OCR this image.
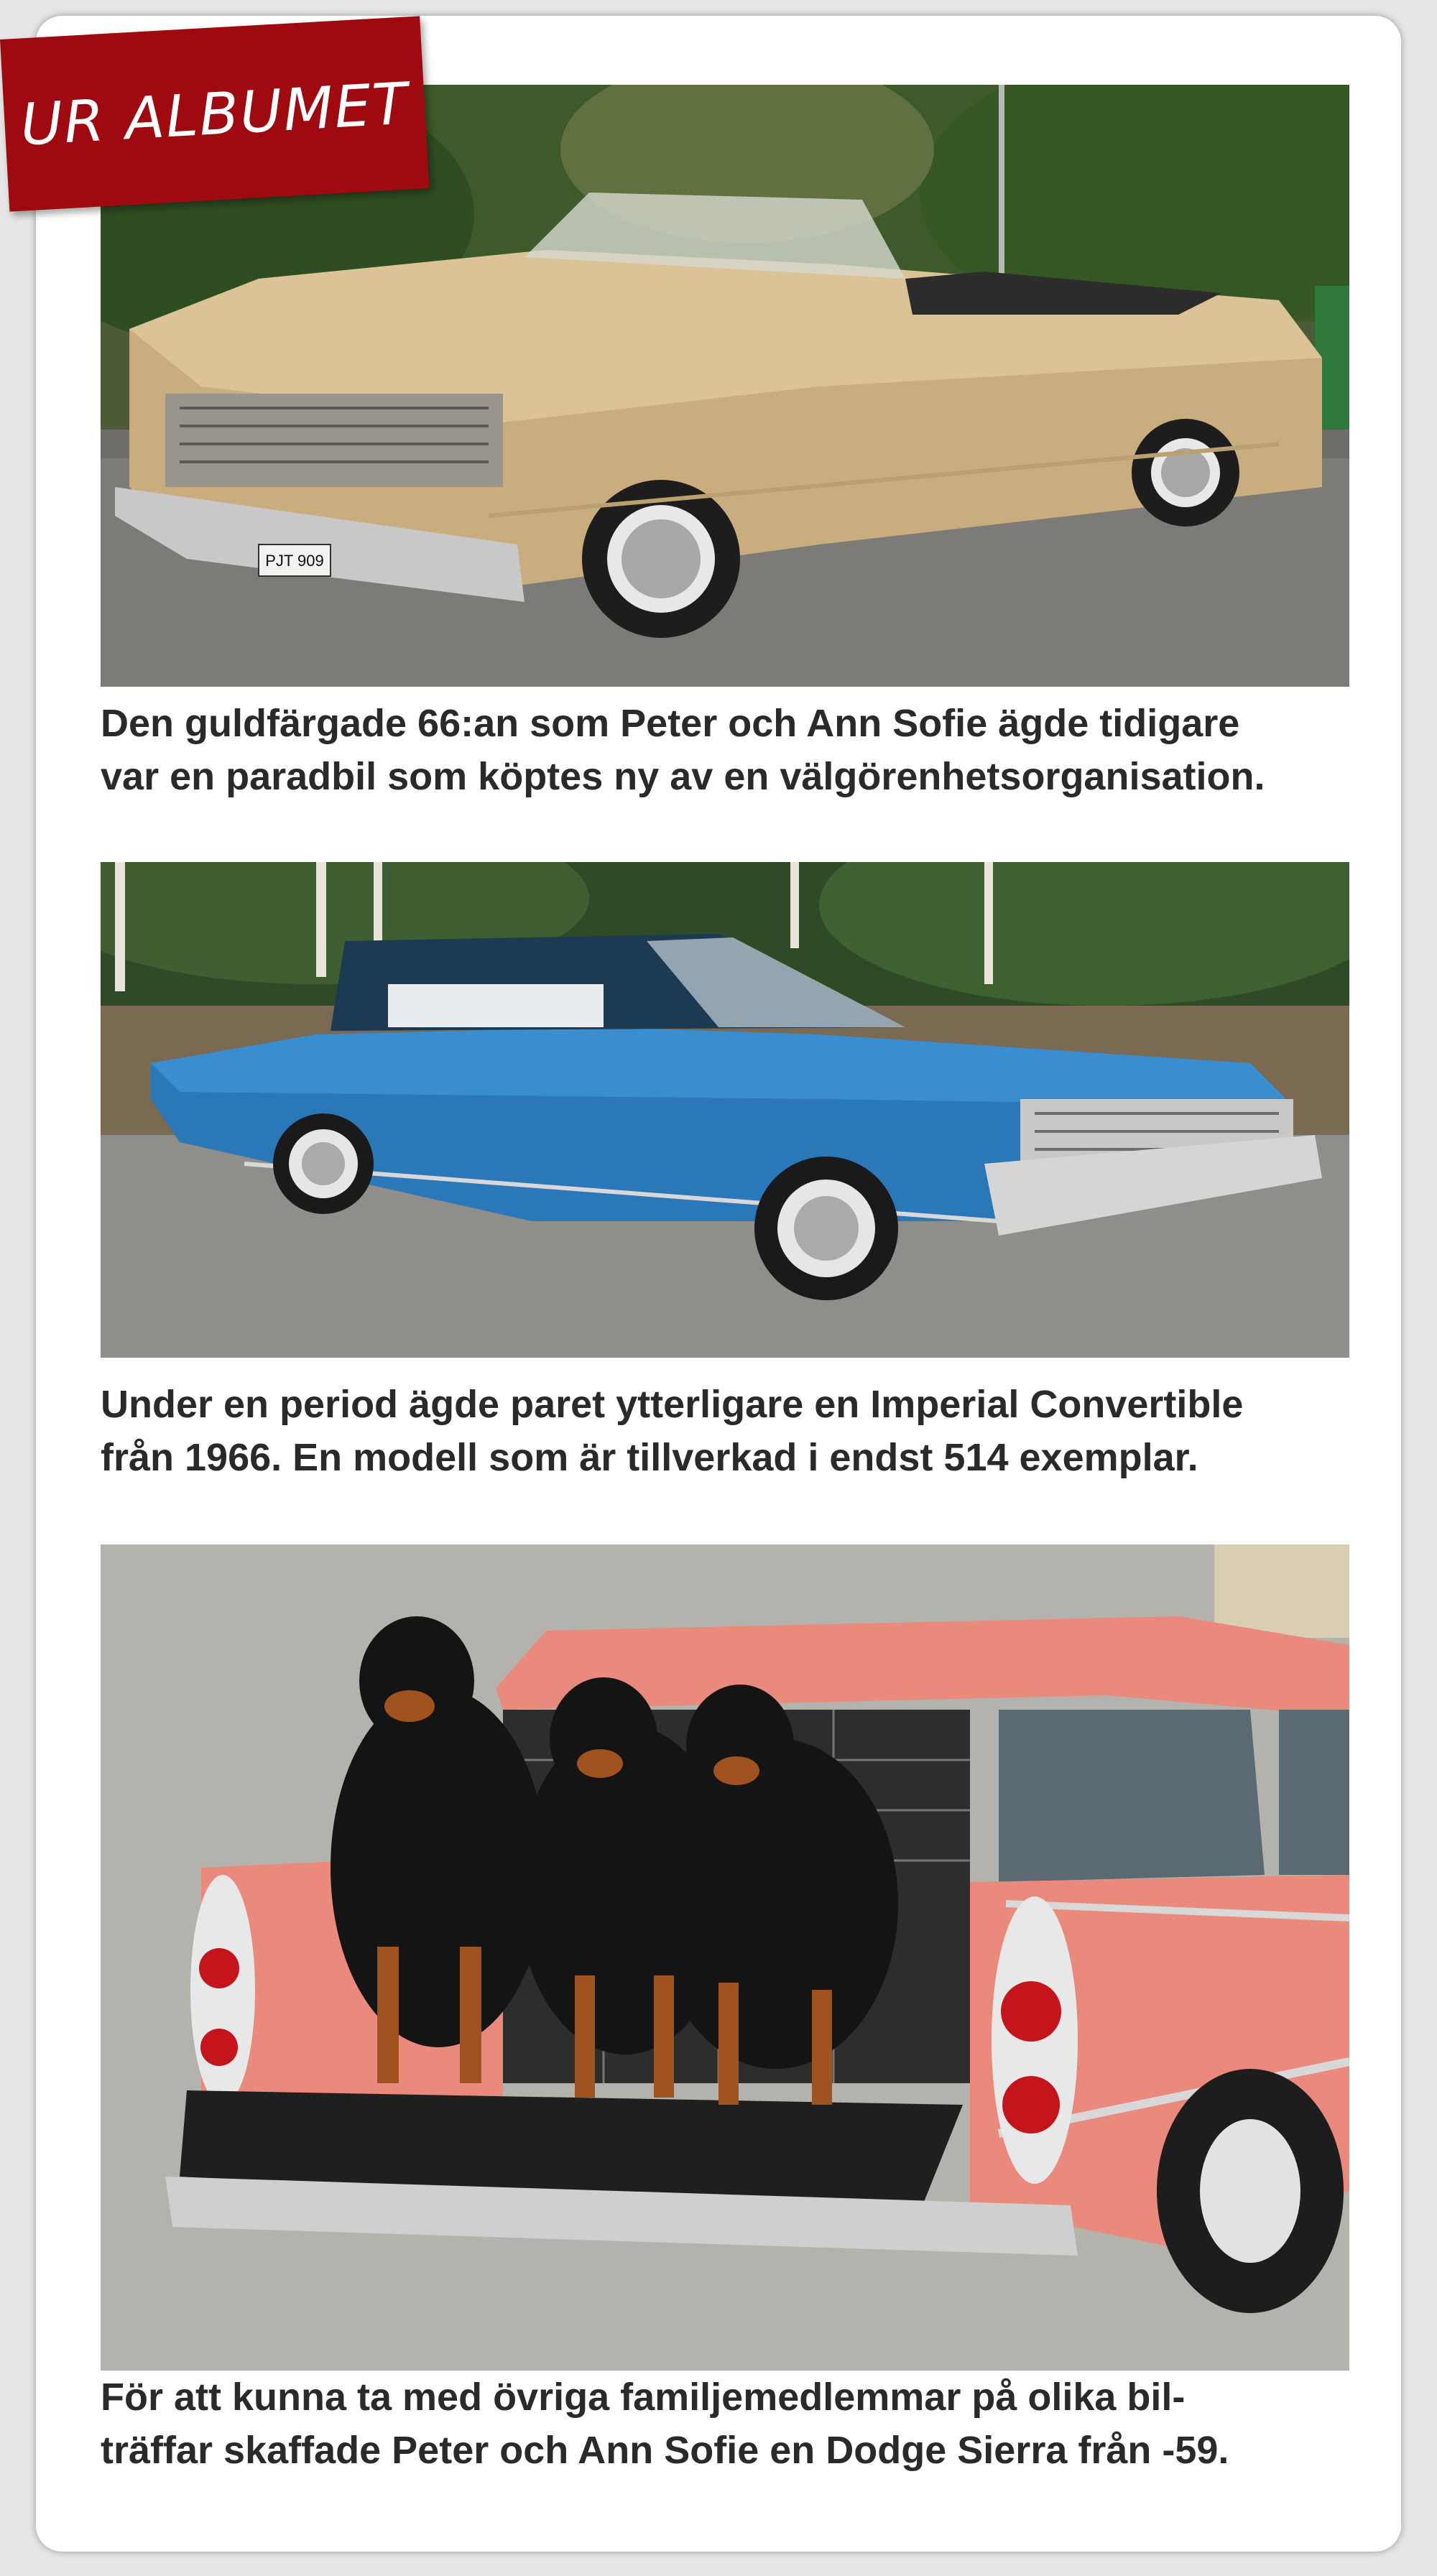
UR ALBUMET
PJT 909
Den guldfärgade 66:an som Peter och Ann Sofie ägde tidigare
var en paradbil som köptes ny av en välgörenhetsorganisation.
Under en period ägde paret ytterligare en Imperial Convertible
från 1966. En modell som är tillverkad i endst 514 exemplar.
För att kunna ta med övriga familjemedlemmar på olika bil-
träffar skaffade Peter och Ann Sofie en Dodge Sierra från -59.
